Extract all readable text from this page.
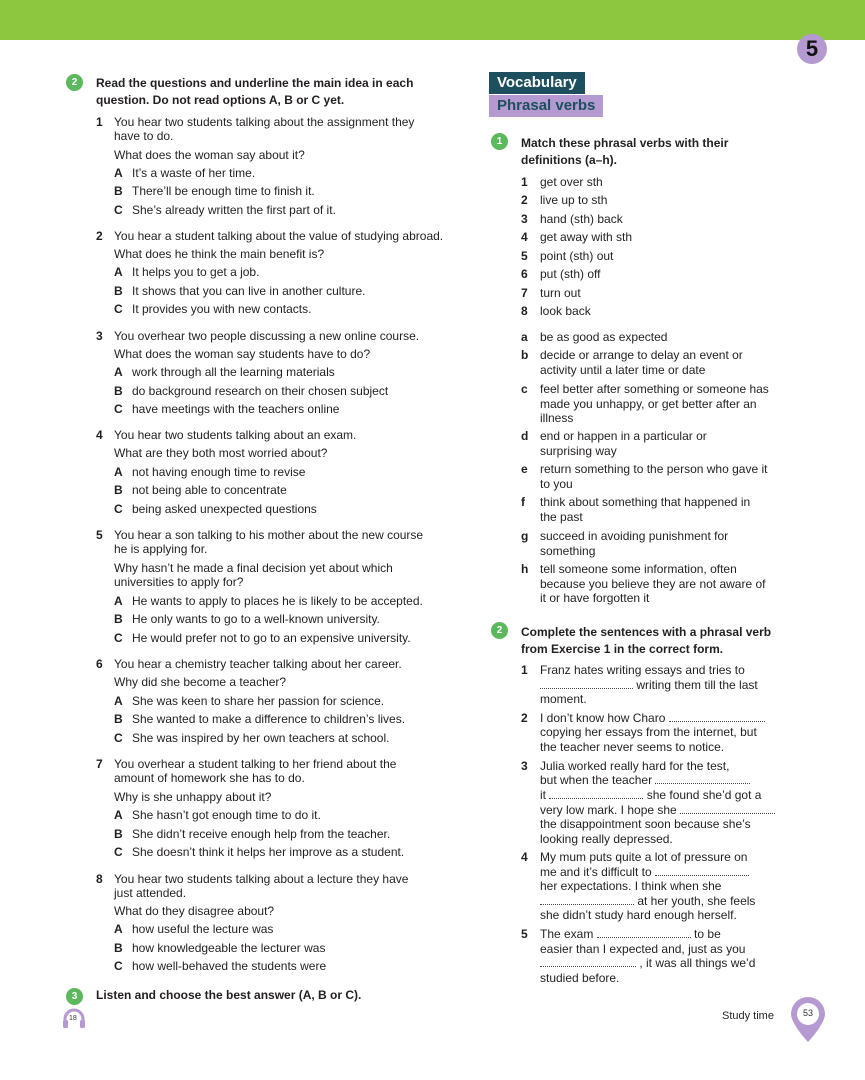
5
2	Read the questions and underline the main idea in each
question. Do not read options A, B or C yet.
1 You hear two students talking about the assignment they
have to do.
What does the woman say about it?
A It’s a waste of her time.
B There’ll be enough time to finish it.
C She’s already written the first part of it.
2 You hear a student talking about the value of studying abroad.
What does he think the main benefit is?
A It helps you to get a job.
B It shows that you can live in another culture.
C It provides you with new contacts.
3 You overhear two people discussing a new online course.
What does the woman say students have to do?
A work through all the learning materials
B do background research on their chosen subject
C have meetings with the teachers online
4 You hear two students talking about an exam.
What are they both most worried about?
A not having enough time to revise
B not being able to concentrate
C being asked unexpected questions
5 You hear a son talking to his mother about the new course
he is applying for.
Why hasn’t he made a final decision yet about which
universities to apply for?
A He wants to apply to places he is likely to be accepted.
B He only wants to go to a well-known university.
C He would prefer not to go to an expensive university.
6 You hear a chemistry teacher talking about her career.
Why did she become a teacher?
A She was keen to share her passion for science.
B She wanted to make a difference to children’s lives.
C She was inspired by her own teachers at school.
7 You overhear a student talking to her friend about the
amount of homework she has to do.
Why is she unhappy about it?
A She hasn’t got enough time to do it.
B She didn’t receive enough help from the teacher.
C She doesn’t think it helps her improve as a student.
8 You hear two students talking about a lecture they have
just attended.
What do they disagree about?
A how useful the lecture was
B how knowledgeable the lecturer was
C how well-behaved the students were
3	Listen and choose the best answer (A, B or C).
18
Vocabulary
Phrasal verbs
1	Match these phrasal verbs with their
definitions (a–h).
1 get over sth
2 live up to sth
3 hand (sth) back
4 get away with sth
5 point (sth) out
6 put (sth) off
7 turn out
8 look back
a be as good as expected
b decide or arrange to delay an event or activity until a later time or date
c feel better after something or someone has made you unhappy, or get better after an illness
d end or happen in a particular or surprising way
e return something to the person who gave it to you
f think about something that happened in the past
g succeed in avoiding punishment for something
h tell someone some information, often because you believe they are not aware of it or have forgotten it
2	Complete the sentences with a phrasal verb
from Exercise 1 in the correct form.
1 Franz hates writing essays and tries to
writing them till the last
moment.
2 I don’t know how Charo
copying her essays from the internet, but
the teacher never seems to notice.
3 Julia worked really hard for the test,
but when the teacher
it	she found she’d got a
very low mark. I hope she
the disappointment soon because she’s
looking really depressed.
4 My mum puts quite a lot of pressure on
me and it’s difficult to
her expectations. I think when she
at her youth, she feels
she didn’t study hard enough herself.
5 The exam	to be
easier than I expected and, just as you
, it was all things we’d
studied before.
Study time	53
